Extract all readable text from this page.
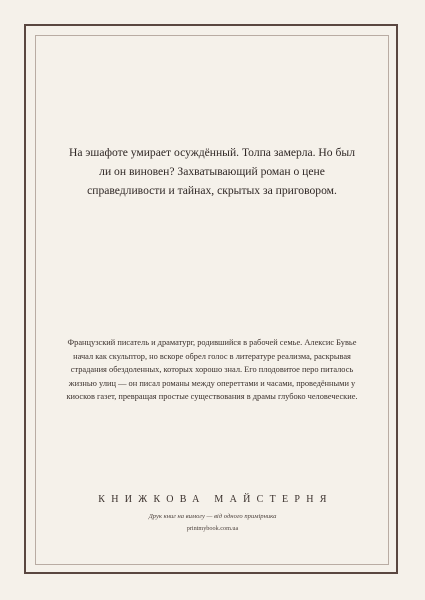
На эшафоте умирает осуждённый. Толпа замерла. Но был ли он виновен? Захватывающий роман о цене справедливости и тайнах, скрытых за приговором.

Французский писатель и драматург, родившийся в рабочей семье. Алексис Бувье начал как скульптор, но вскоре обрел голос в литературе реализма, раскрывая страдания обездоленных, которых хорошо знал. Его плодовитое перо питалось жизнью улиц — он писал романы между опереттами и часами, проведёнными у киосков газет, превращая простые существования в драмы глубоко человеческие.

КНИЖКОВА МАЙСТЕРНЯ
Друк книг на вимогу — від одного примірника
printmybook.com.ua
